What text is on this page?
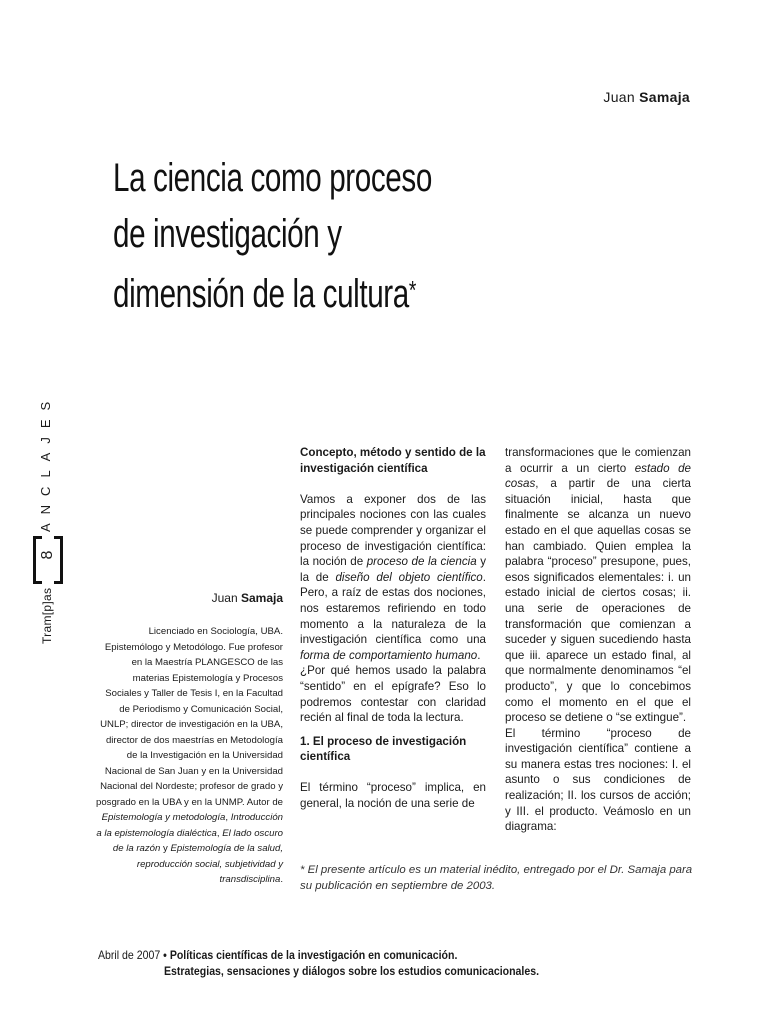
Juan Samaja
La ciencia como proceso
de investigación y
dimensión de la cultura*
ANCLAJES
8
Tram[p]as	Juan Samaja
Licenciado en Sociología, UBA. Epistemólogo y Metodólogo. Fue profesor en la Maestría PLANGESCO de las materias Epistemología y Procesos Sociales y Taller de Tesis I, en la Facultad de Periodismo y Comunicación Social, UNLP; director de investigación en la UBA, director de dos maestrías en Metodología de la Investigación en la Universidad Nacional de San Juan y en la Universidad Nacional del Nordeste; profesor de grado y posgrado en la UBA y en la UNMP. Autor de Epistemología y metodología, Introducción a la epistemología dialéctica, El lado oscuro de la razón y Epistemología de la salud, reproducción social, subjetividad y transdisciplina.
Concepto, método y sentido de la investigación científica

Vamos a exponer dos de las principales nociones con las cuales se puede comprender y organizar el proceso de investigación científica: la noción de proceso de la ciencia y la de diseño del objeto científico. Pero, a raíz de estas dos nociones, nos estaremos refiriendo en todo momento a la naturaleza de la investigación científica como una forma de comportamiento humano.

¿Por qué hemos usado la palabra “sentido” en el epígrafe? Eso lo podremos contestar con claridad recién al final de toda la lectura.

1. El proceso de investigación científica

El término “proceso” implica, en general, la noción de una serie de

transformaciones que le comienzan a ocurrir a un cierto estado de cosas, a partir de una cierta situación inicial, hasta que finalmente se alcanza un nuevo estado en el que aquellas cosas se han cambiado. Quien emplea la palabra “proceso” presupone, pues, esos significados elementales: i. un estado inicial de ciertos cosas; ii. una serie de operaciones de transformación que comienzan a suceder y siguen sucediendo hasta que iii. aparece un estado final, al que normalmente denominamos “el producto”, y que lo concebimos como el momento en el que el proceso se detiene o “se extingue”.

El término “proceso de investigación científica” contiene a su manera estas tres nociones: I. el asunto o sus condiciones de realización; II. los cursos de acción; y III. el producto. Veámoslo en un diagrama:

* El presente artículo es un material inédito, entregado por el Dr. Samaja para su publicación en septiembre de 2003.
Abril de 2007 • Políticas científicas de la investigación en comunicación.
Estrategias, sensaciones y diálogos sobre los estudios comunicacionales.
